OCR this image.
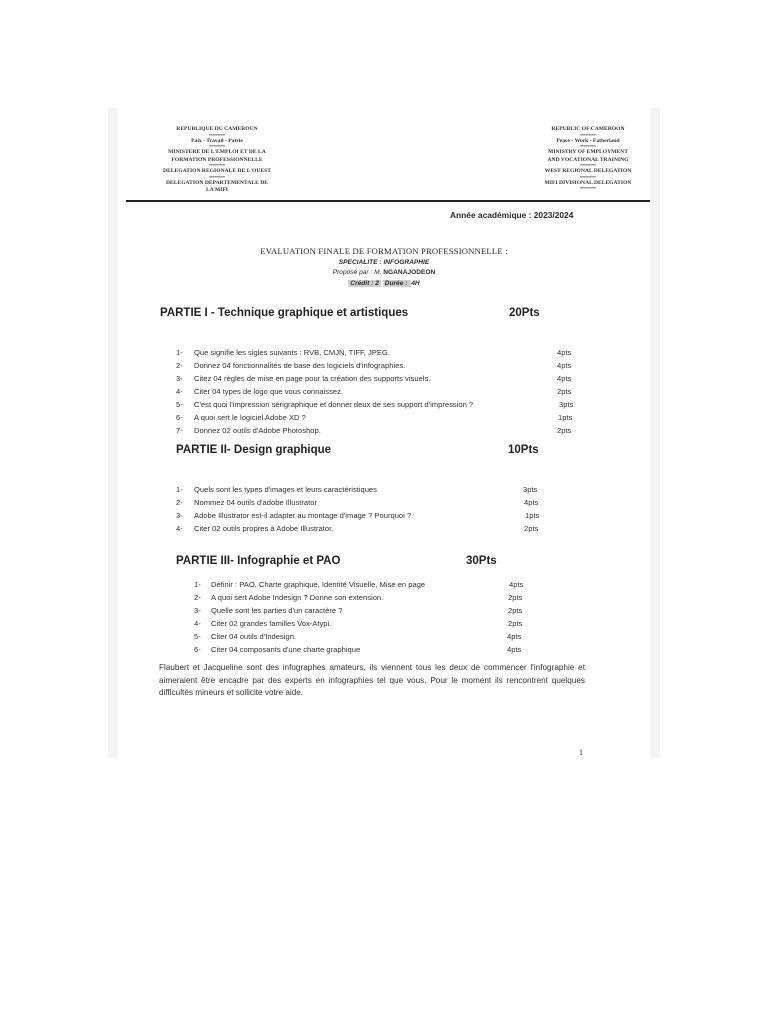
REPUBLIQUE DU CAMEROUN
********
Paix - Travail - Patrie
********
MINISTERE DE L'EMPLOI ET DE LA FORMATION PROFESSIONNELLE
********
DELEGATION REGIONALE DE L'OUEST
********
DELEGATION DEPARTEMENTALE DE LA MIFI
REPUBLIC OF CAMEROON
********
Peace - Work - Fatherland
********
MINISTRY OF EMPLOYMENT AND VOCATIONAL TRAINING
********
WEST REGIONAL DELEGATION
********
MIFI DIVISIONAL DELEGATION
********
Année académique : 2023/2024
EVALUATION FINALE DE FORMATION PROFESSIONNELLE :
SPECIALITE : INFOGRAPHIE
Proposé par : M. NGANAJODEON
Crédit : 2 Durée : 4H
PARTIE I - Technique graphique et artistiques	20Pts
1- Que signifie les sigles suivants : RVB, CMJN, TIFF, JPEG.	4pts
2- Donnez 04 fonctionnalités de base des logiciels d'infographies.	4pts
3- Citez 04 règles de mise en page pour la création des supports visuels.	4pts
4- Citer 04 types de logo que vous connaissez.	2pts
5- C'est quoi l'impression sérigraphique et donner deux de ses support d'impression ?	3pts
6- A quoi sert le logiciel Adobe XD ?	1pts
7- Donnez 02 outils d'Adobe Photoshop.	2pts
PARTIE II- Design graphique	10Pts
1- Quels sont les types d'images et leurs caractéristiques	3pts
2- Nommez 04 outils d'adobe Illustrator	4pts
3- Adobe Illustrator est-il adapter au montage d'image ? Pourquoi ?	1pts
4- Citer 02 outils propres à Adobe Illustrator.	2pts
PARTIE III- Infographie et PAO	30Pts
1- Définir : PAO, Charte graphique, Identité Visuelle, Mise en page	4pts
2- A quoi sert Adobe Indesign ? Donne son extension.	2pts
3- Quelle sont les parties d'un caractère ?	2pts
4- Citer 02 grandes familles Vox-Atypi.	2pts
5- Citer 04 outils d'Indesign.	4pts
6- Citer 04 composants d'une charte graphique	4pts
Flaubert et Jacqueline sont des infographes amateurs, ils viennent tous les deux de commencer l'infographie et aimeraient être encadre par des experts en infographies tel que vous. Pour le moment ils rencontrent quelques difficultés mineurs et sollicite votre aide.
1
